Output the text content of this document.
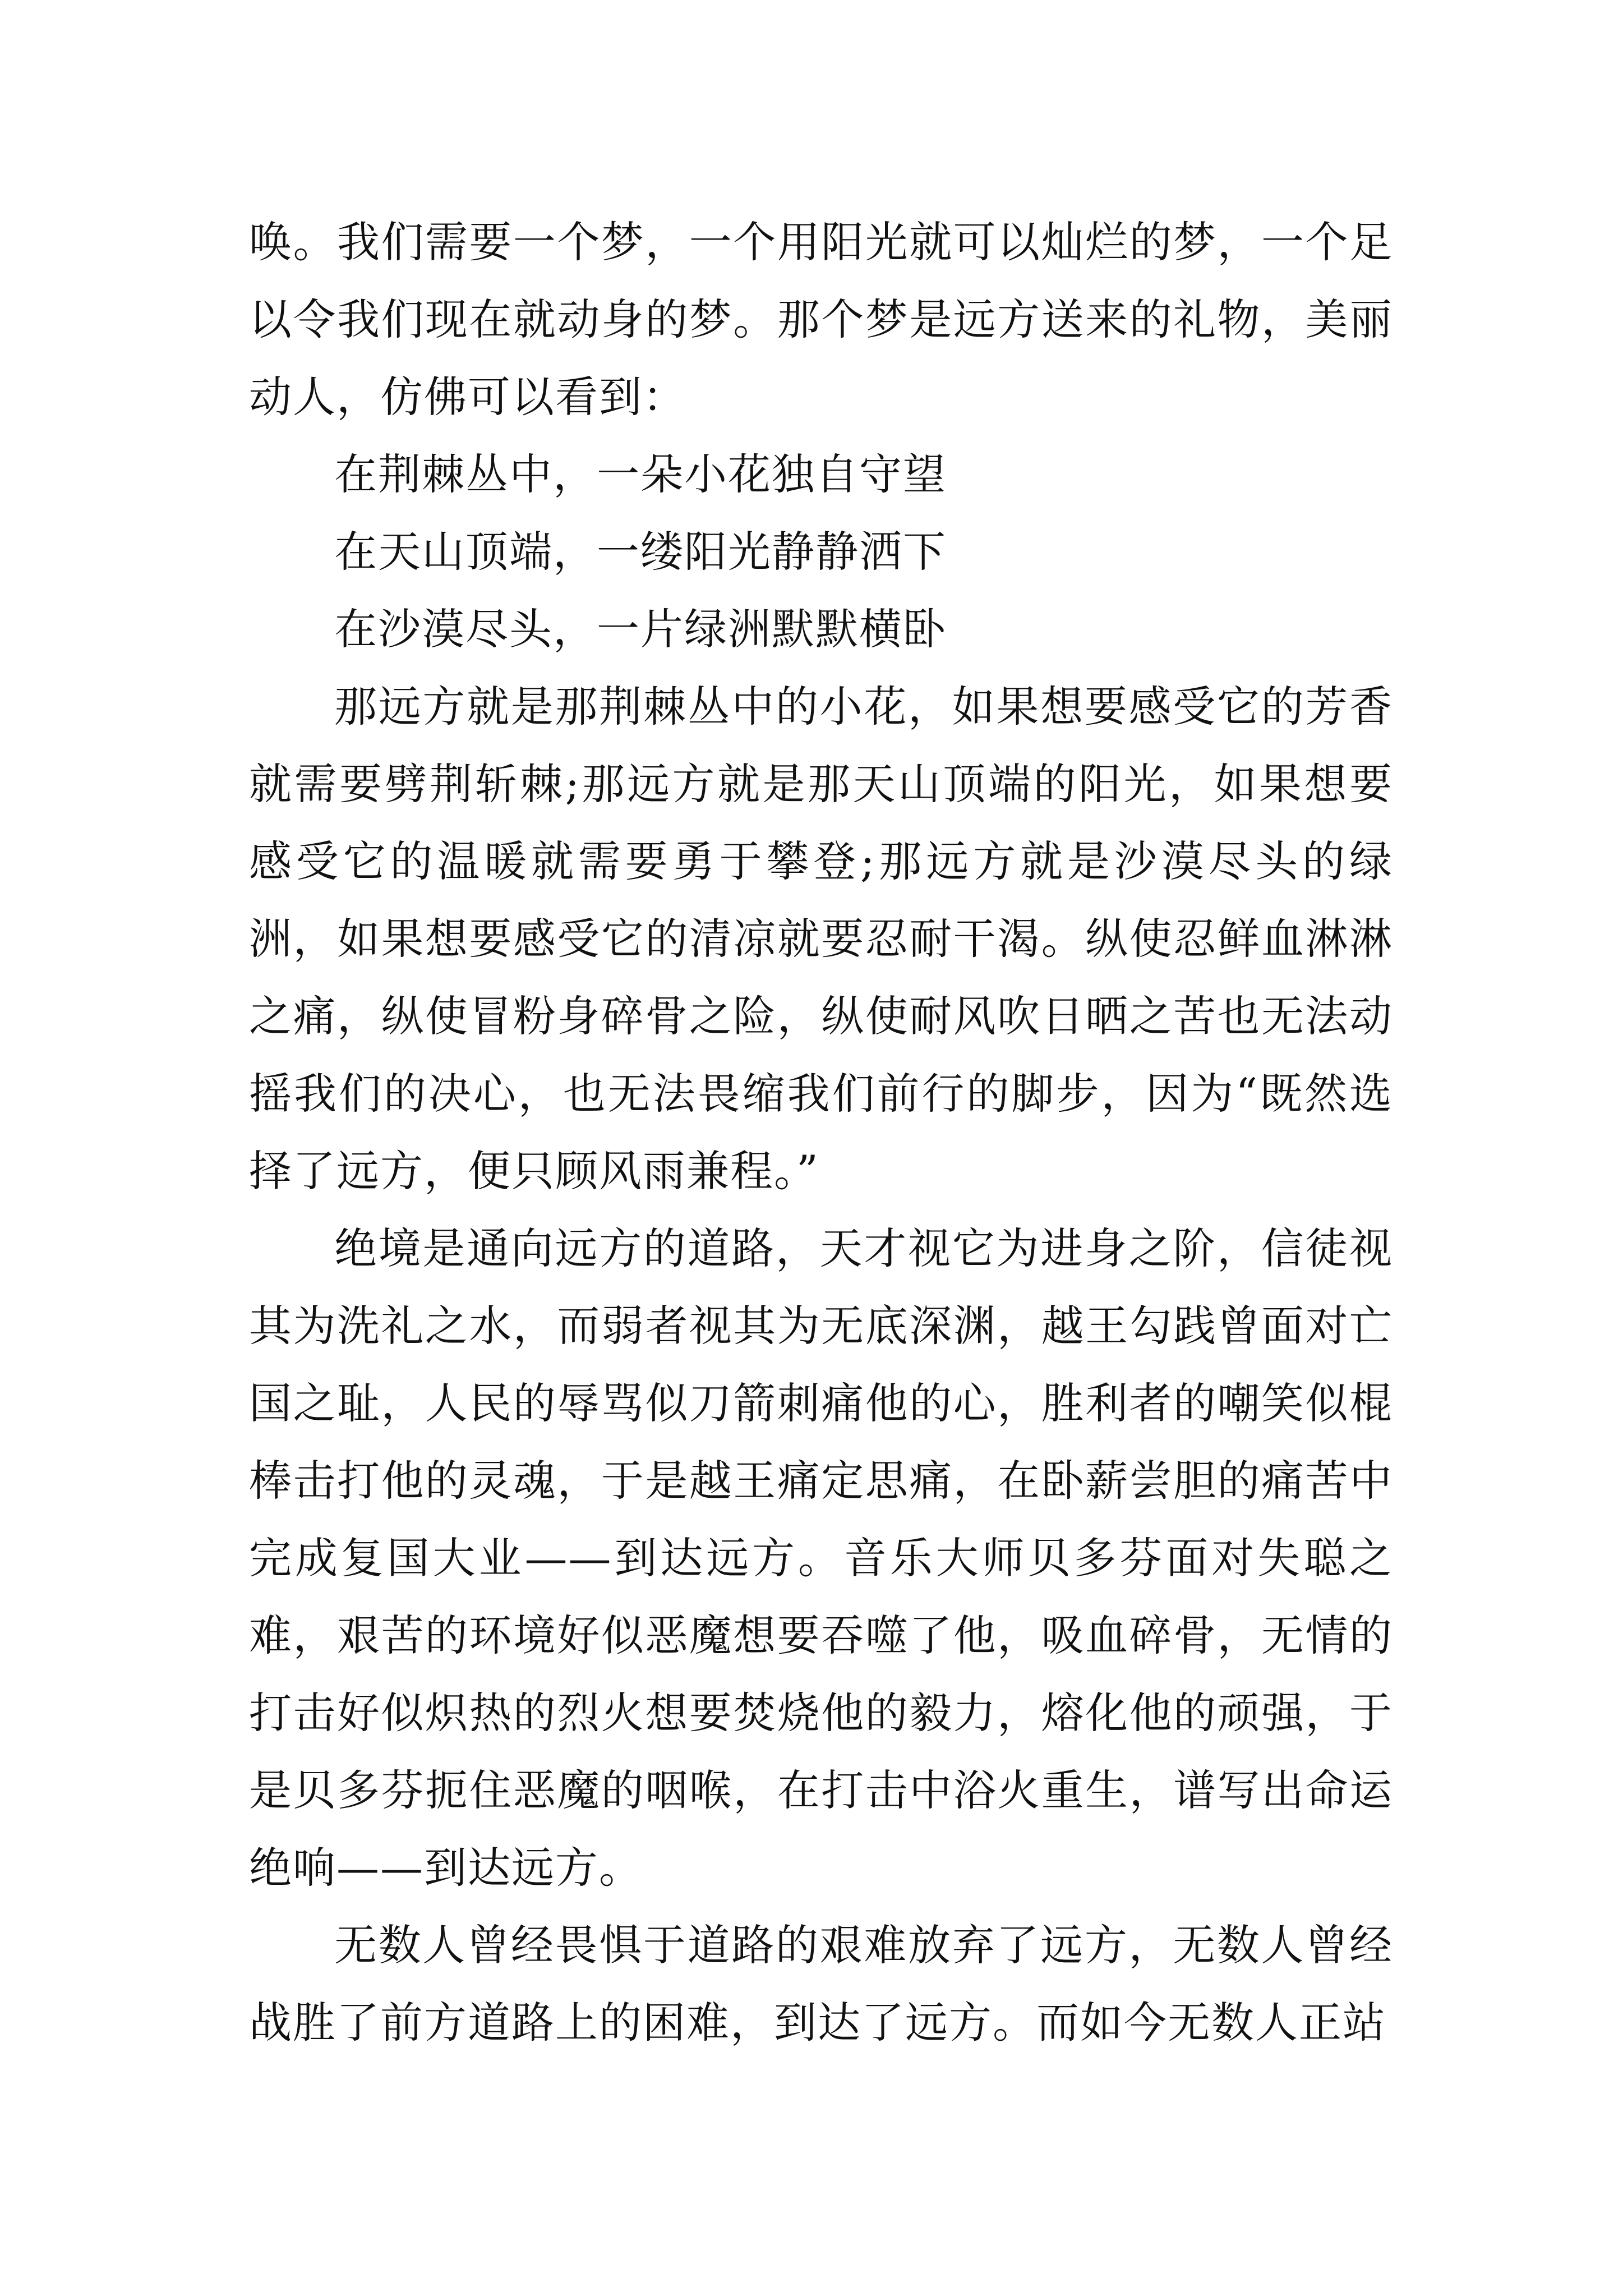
唤。我们需要一个梦，一个用阳光就可以灿烂的梦，一个足以令我们现在就动身的梦。那个梦是远方送来的礼物，美丽动人，仿佛可以看到：

在荆棘丛中，一朵小花独自守望

在天山顶端，一缕阳光静静洒下

在沙漠尽头，一片绿洲默默横卧

那远方就是那荆棘丛中的小花，如果想要感受它的芳香就需要劈荆斩棘;那远方就是那天山顶端的阳光，如果想要感受它的温暖就需要勇于攀登;那远方就是沙漠尽头的绿洲，如果想要感受它的清凉就要忍耐干渴。纵使忍鲜血淋淋之痛，纵使冒粉身碎骨之险，纵使耐风吹日晒之苦也无法动摇我们的决心，也无法畏缩我们前行的脚步，因为“既然选择了远方，便只顾风雨兼程。”

绝境是通向远方的道路，天才视它为进身之阶，信徒视其为洗礼之水，而弱者视其为无底深渊，越王勾践曾面对亡国之耻，人民的辱骂似刀箭刺痛他的心，胜利者的嘲笑似棍棒击打他的灵魂，于是越王痛定思痛，在卧薪尝胆的痛苦中完成复国大业——到达远方。音乐大师贝多芬面对失聪之难，艰苦的环境好似恶魔想要吞噬了他，吸血碎骨，无情的打击好似炽热的烈火想要焚烧他的毅力，熔化他的顽强，于是贝多芬扼住恶魔的咽喉，在打击中浴火重生，谱写出命运绝响——到达远方。

无数人曾经畏惧于道路的艰难放弃了远方，无数人曾经战胜了前方道路上的困难，到达了远方。而如今无数人正站
